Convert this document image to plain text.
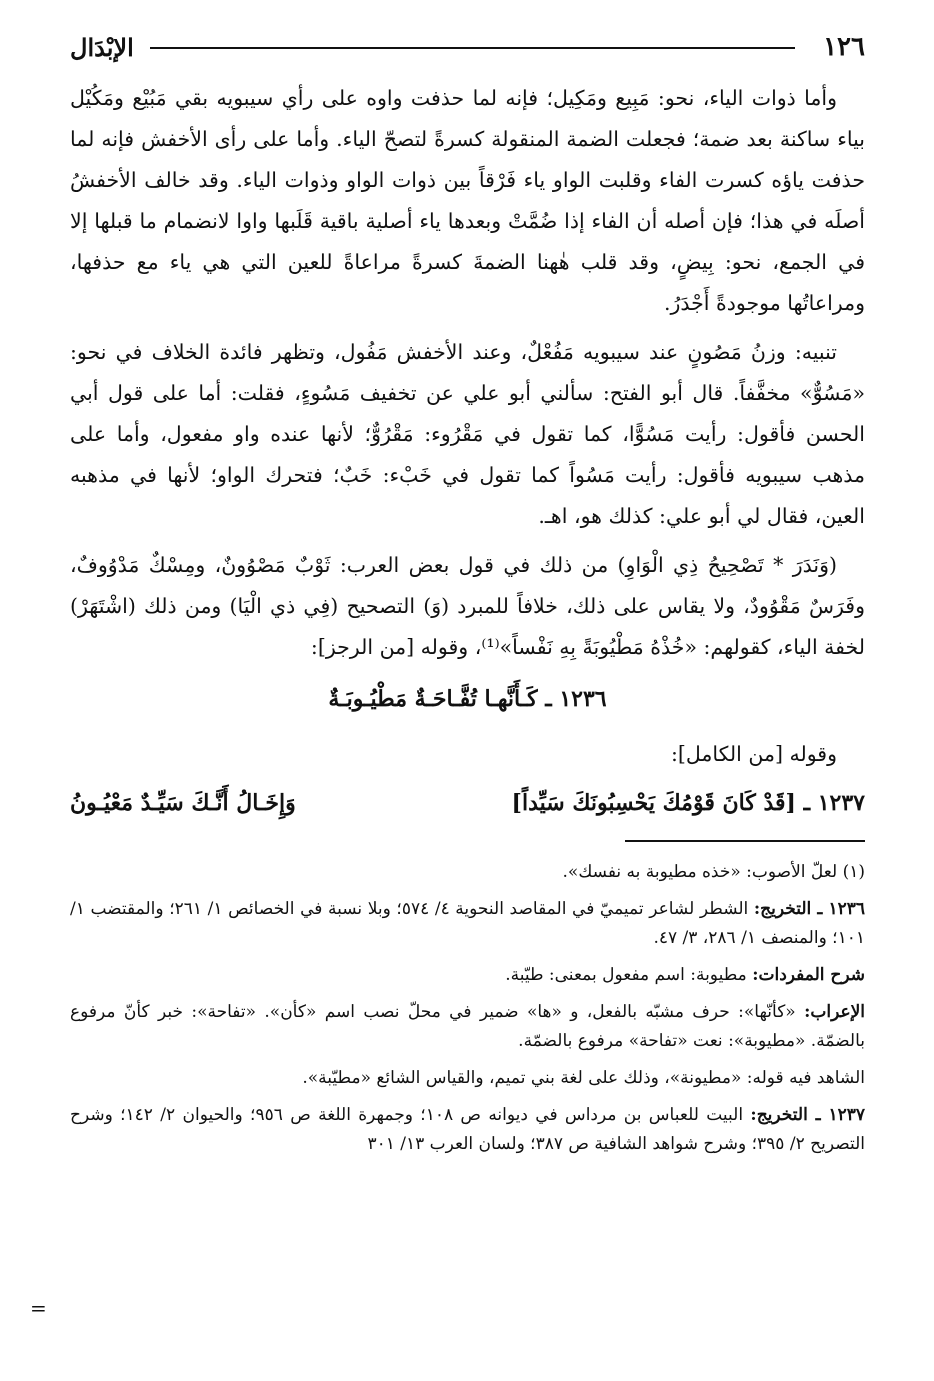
١٢٦
الإبْدَال

وأما ذوات الياء، نحو: مَبِيع ومَكِيل؛ فإنه لما حذفت واوه على رأي سيبويه بقي مَبُيْع ومَكُيْل بياء ساكنة بعد ضمة؛ فجعلت الضمة المنقولة كسرةً لتصحّ الياء. وأما على رأى الأخفش فإنه لما حذفت ياؤه كسرت الفاء وقلبت الواو ياء فَرْقاً بين ذوات الواو وذوات الياء. وقد خالف الأخفشُ أصلَه في هذا؛ فإن أصله أن الفاء إذا ضُمَّتْ وبعدها ياء أصلية باقية قَلَبها واوا لانضمام ما قبلها إلا في الجمع، نحو: بِيضٍ، وقد قلب هٰهنا الضمةَ كسرةً مراعاةً للعين التي هي ياء مع حذفها، ومراعاتُها موجودةً أَجْدَرُ.

تنبيه: وزنُ مَصُونٍ عند سيبويه مَفُعْلٌ، وعند الأخفش مَفُول، وتظهر فائدة الخلاف في نحو: «مَسُوٌّ» مخفَّفاً. قال أبو الفتح: سألني أبو علي عن تخفيف مَسُوءٍ، فقلت: أما على قول أبي الحسن فأقول: رأيت مَسُوًّا، كما تقول في مَقْرُوء: مَقْرُوٌّ؛ لأنها عنده واو مفعول، وأما على مذهب سيبويه فأقول: رأيت مَسُواً كما تقول في خَبْء: خَبٌ؛ فتحرك الواو؛ لأنها في مذهبه العين، فقال لي أبو علي: كذلك هو، اهـ.

(وَنَدَرَ * تَصْحِيحُ ذِي الْوَاوِ) من ذلك في قول بعض العرب: ثَوْبٌ مَصْوُونٌ، ومِسْكٌ مَدْوُوفٌ، وفَرَسٌ مَقْوُودٌ، ولا يقاس على ذلك، خلافاً للمبرد (وَ) التصحيح (فِي ذي الْيَا) ومن ذلك (اشْتَهَرْ) لخفة الياء، كقولهم: «خُذْهُ مَطْيُوبَةً بِهِ نَفْساً»⁽¹⁾، وقوله [من الرجز]:

١٢٣٦ ـ كَـأَنَّهـا تُفَّـاحَـةٌ مَطْيُـوبَـةٌ

وقوله [من الكامل]:

١٢٣٧ ـ [قَدْ كَانَ قَوْمُكَ يَحْسِبُونَكَ سَيِّداً]
وَإِخَـالُ أَنَّـكَ سَيِّـدٌ مَعْيُـونُ

(١) لعلّ الأصوب: «خذه مطيوبة به نفسك».

١٢٣٦ ـ التخريج: الشطر لشاعر تميميّ في المقاصد النحوية ٤/ ٥٧٤؛ وبلا نسبة في الخصائص ١/ ٢٦١؛ والمقتضب ١/ ١٠١؛ والمنصف ١/ ٢٨٦، ٣/ ٤٧.

شرح المفردات: مطيوبة: اسم مفعول بمعنى: طيّبة.

الإعراب: «كأنّها»: حرف مشبّه بالفعل، و «ها» ضمير في محلّ نصب اسم «كأن». «تفاحة»: خبر كأنّ مرفوع بالضمّة. «مطيوبة»: نعت «تفاحة» مرفوع بالضمّة.

الشاهد فيه قوله: «مطيونة»، وذلك على لغة بني تميم، والقياس الشائع «مطيّبة».

١٢٣٧ ـ التخريج: البيت للعباس بن مرداس في ديوانه ص ١٠٨؛ وجمهرة اللغة ص ٩٥٦؛ والحيوان ٢/ ١٤٢؛ وشرح التصريح ٢/ ٣٩٥؛ وشرح شواهد الشافية ص ٣٨٧؛ ولسان العرب ١٣/ ٣٠١

=
